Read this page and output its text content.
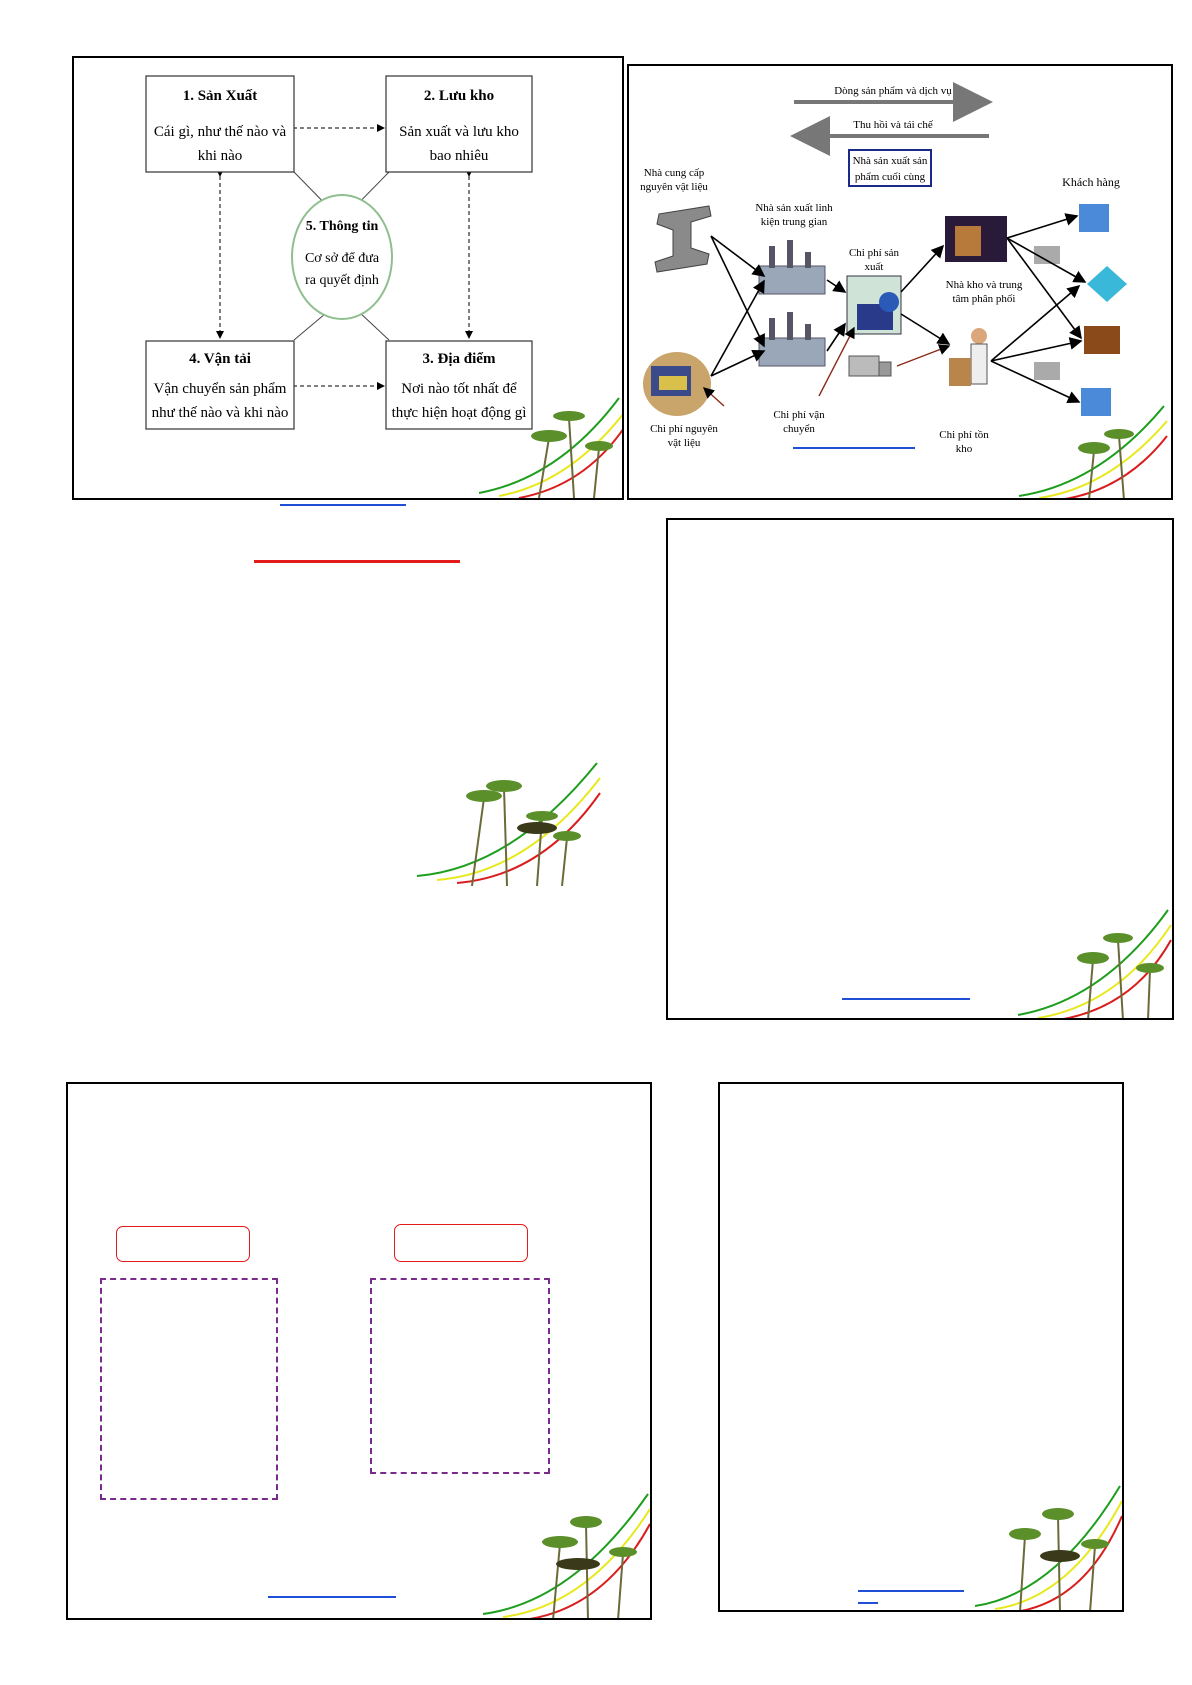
1. Sản Xuất
Cái gì, như thế nào và
khi nào
2. Lưu kho
Sản xuất và lưu kho
bao nhiêu
4. Vận tải
Vận chuyển sản phẩm
như thế nào và khi nào
3. Địa điểm
Nơi nào tốt nhất để
thực hiện hoạt động gì
5. Thông tin
Cơ sở để đưa
ra quyết định
Dòng sản phẩm và dịch vụ
Thu hồi và tái chế
Nhà sản xuất sản
phẩm cuối cùng
Nhà cung cấp
nguyên vật liệu
Nhà sản xuất linh
kiện trung gian
Chi phí sản
xuất
Khách hàng
Nhà kho và trung
tâm phân phối
Chi phí nguyên
vật liệu
Chi phí vận
chuyển	Chi phí tồn
kho
